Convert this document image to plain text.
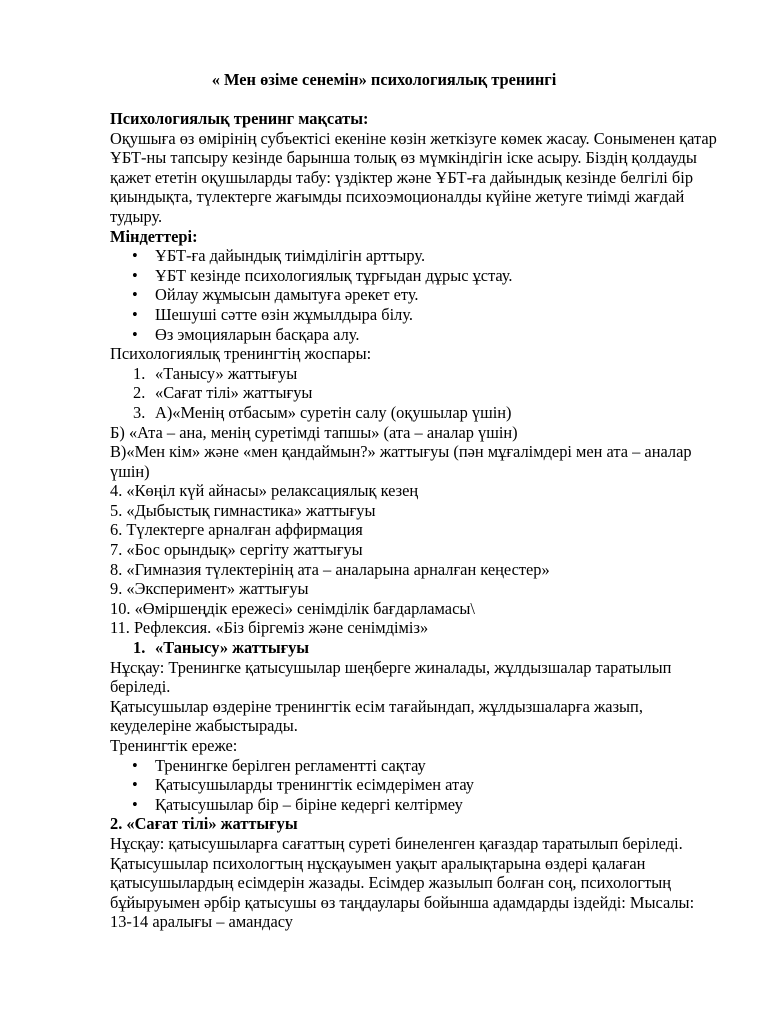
« Мен өзіме сенемін» психологиялық тренингі

Психологиялық тренинг мақсаты:

Оқушыға өз өмірінің субъектісі екеніне көзін жеткізуге көмек жасау. Соныменен қатар ҰБТ-ны тапсыру кезінде барынша толық өз мүмкіндігін іске асыру. Біздің қолдауды қажет ететін оқушыларды табу: үздіктер және ҰБТ-ға дайындық кезінде белгілі бір қиындықта, түлектерге жағымды психоэмоционалды күйіне жетуге тиімді жағдай тудыру.

Міндеттері:

• ҰБТ-ға дайындық тиімділігін арттыру.
• ҰБТ кезінде психологиялық тұрғыдан дұрыс ұстау.
• Ойлау жұмысын дамытуға әрекет ету.
• Шешуші сәтте өзін жұмылдыра білу.
• Өз эмоцияларын басқара алу.

Психологиялық тренингтің жоспары:

1. «Танысу» жаттығуы
2. «Сағат тілі» жаттығуы
3. А)«Менің отбасым» суретін салу (оқушылар үшін)

Б) «Ата – ана, менің суретімді тапшы» (ата – аналар үшін)

В)«Мен кім» және «мен қандаймын?» жаттығуы (пән мұғалімдері мен ата – аналар үшін)

4. «Көңіл күй айнасы» релаксациялық кезең

5. «Дыбыстық гимнастика» жаттығуы

6. Түлектерге арналған аффирмация

7. «Бос орындық» сергіту жаттығуы

8. «Гимназия түлектерінің ата – аналарына арналған кеңестер»

9. «Эксперимент» жаттығуы

10. «Өміршеңдік ережесі» сенімділік бағдарламасы\

11. Рефлексия. «Біз біргеміз және сенімдіміз»

1. «Танысу» жаттығуы

Нұсқау: Тренингке қатысушылар шеңберге жиналады, жұлдызшалар таратылып беріледі.

Қатысушылар өздеріне тренингтік есім тағайындап, жұлдызшаларға жазып, кеуделеріне жабыстырады.

Тренингтік ереже:

• Тренингке берілген регламентті сақтау
• Қатысушыларды тренингтік есімдерімен атау
• Қатысушылар бір – біріне кедергі келтірмеу

2. «Сағат тілі» жаттығуы

Нұсқау: қатысушыларға сағаттың суреті бинеленген қағаздар таратылып беріледі. Қатысушылар психологтың нұсқауымен уақыт аралықтарына өздері қалаған қатысушылардың есімдерін жазады. Есімдер жазылып болған соң, психологтың бұйыруымен әрбір қатысушы өз таңдаулары бойынша адамдарды іздейді: Мысалы:

13-14 аралығы – амандасу
